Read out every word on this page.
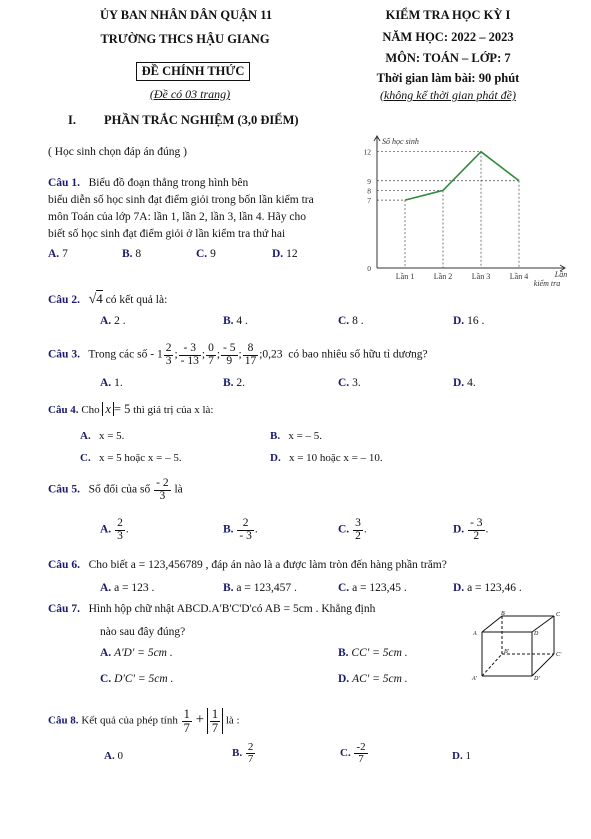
ỦY BAN NHÂN DÂN QUẬN 11
TRƯỜNG THCS HẬU GIANG
ĐỀ CHÍNH THỨC
(Đề có 03 trang)
KIỂM TRA HỌC KỲ I
NĂM HỌC: 2022 – 2023
MÔN: TOÁN – LỚP: 7
Thời gian làm bài: 90 phút
(không kể thời gian phát đề)
I. PHẦN TRẮC NGHIỆM (3,0 ĐIỂM)
( Học sinh chọn đáp án đúng )
Câu 1. Biểu đồ đoạn thẳng trong hình bên
biểu diễn số học sinh đạt điểm giỏi trong bốn lần kiểm tra
môn Toán của lớp 7A: lần 1, lần 2, lần 3, lần 4. Hãy cho
biết số học sinh đạt điểm giỏi ở lần kiểm tra thứ hai
A. 7	B. 8	C. 9	D. 12
Số học sinh
Lần
kiểm tra
0
7
8
9
12
Lần 1 Lần 2 Lần 3 Lần 4
Câu 2. √4 có kết quả là:
A. 2 .	B. 4 .	C. 8 .	D. 16 .
Câu 3. Trong các số - $1 \frac{2}{3}$ ; $\frac{- 3}{- 13}$ ; $\frac{0}{7}$ ; $\frac{- 5}{9}$ ; $\frac{8}{17}$ ;0,23 có bao nhiêu số hữu tỉ dương?
A. 1.	B. 2.	C. 3.	D. 4.
Câu 4. Cho x = 5 thì giá trị của x là:
A. x = 5.	B. x = – 5.
C. x = 5 hoặc x = – 5.	D. x = 10 hoặc x = – 10.
Câu 5. Số đối của số $\frac{- 2}{3}$ là
A. $\frac{2}{3}$ .	B. $\frac{2}{- 3}$ .	C. $\frac{3}{2}$ .	D. $\frac{- 3}{2}$ .
Câu 6. Cho biết a = 123,456789 , đáp án nào là a được làm tròn đến hàng phần trăm?
A. a = 123 .	B. a = 123,457 .	C. a = 123,45 .	D. a = 123,46 .
Câu 7. Hình hộp chữ nhật ABCD.A'B'C'D'có AB = 5cm . Khẳng định
nào sau đây đúng?
A. A'D' = 5cm .	B. CC' = 5cm .
C. D'C' = 5cm .	D. AC' = 5cm .
B	C
A	D
B'	C'
A'	D'
Câu 8. Kết quả của phép tính $\frac{1}{7} + \frac{1}{7}$ là :
A. 0	B. $\frac{2}{7}$	C. $\frac{-2}{7}$	D. 1
